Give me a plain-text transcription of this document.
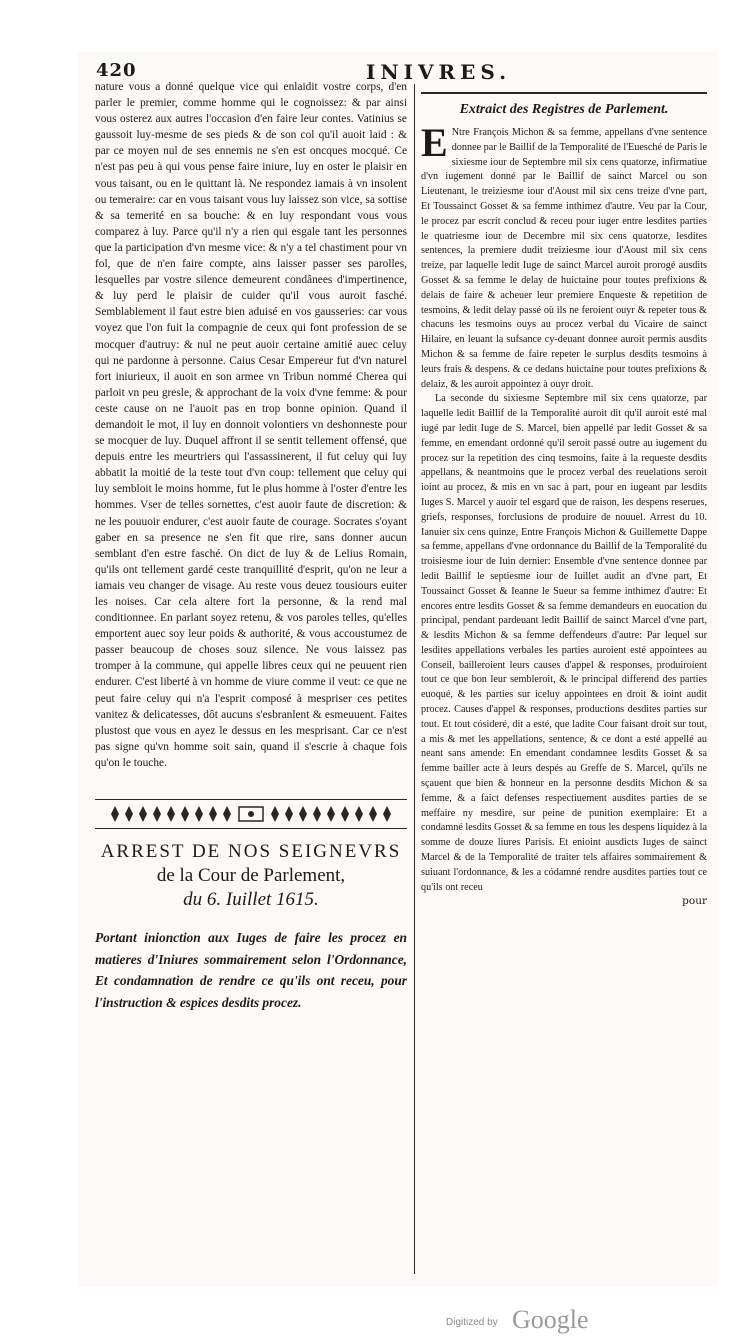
420	INIVRES.

nature vous a donné quelque vice qui enlaidit vostre corps, d'en parler le premier, comme homme qui le cognoissez: & par ainsi vous osterez aux autres l'occasion d'en faire leur contes. Vatinius se gaussoit luy-mesme de ses pieds & de son col qu'il auoit laid : & par ce moyen nul de ses ennemis ne s'en est oncques mocqué. Ce n'est pas peu à qui vous pense faire iniure, luy en oster le plaisir en vous taisant, ou en le quittant là. Ne respondez iamais à vn insolent ou temeraire: car en vous taisant vous luy laissez son vice, sa sottise & sa temerité en sa bouche: & en luy respondant vous vous comparez à luy. Parce qu'il n'y a rien qui esgale tant les personnes que la participation d'vn mesme vice: & n'y a tel chastiment pour vn fol, que de n'en faire compte, ains laisser passer ses parolles, lesquelles par vostre silence demeurent condânees d'impertinence, & luy perd le plaisir de cuider qu'il vous auroit fasché. Semblablement il faut estre bien aduisé en vos gausseries: car vous voyez que l'on fuit la compagnie de ceux qui font profession de se mocquer d'autruy: & nul ne peut auoir certaine amitié auec celuy qui ne pardonne à personne. Caius Cesar Empereur fut d'vn naturel fort iniurieux, il auoit en son armee vn Tribun nommé Cherea qui parloit vn peu gresle, & approchant de la voix d'vne femme: & pour ceste cause on ne l'auoit pas en trop bonne opinion. Quand il demandoit le mot, il luy en donnoit volontiers vn deshonneste pour se mocquer de luy. Duquel affront il se sentit tellement offensé, que depuis entre les meurtriers qui l'assassinerent, il fut celuy qui luy abbatit la moitié de la teste tout d'vn coup: tellement que celuy qui luy sembloit le moins homme, fut le plus homme à l'oster d'entre les hommes. Vser de telles sornettes, c'est auoir faute de discretion: & ne les pouuoir endurer, c'est auoir faute de courage. Socrates s'oyant gaber en sa presence ne s'en fit que rire, sans donner aucun semblant d'en estre fasché. On dict de luy & de Lelius Romain, qu'ils ont tellement gardé ceste tranquillité d'esprit, qu'on ne leur a iamais veu changer de visage. Au reste vous deuez tousiours euiter les noises. Car cela altere fort la personne, & la rend mal conditionnee. En parlant soyez retenu, & vos paroles telles, qu'elles emportent auec soy leur poids & authorité, & vous accoustumez de passer beaucoup de choses souz silence. Ne vous laissez pas tromper à la commune, qui appelle libres ceux qui ne peuuent rien endurer. C'est liberté à vn homme de viure comme il veut: ce que ne peut faire celuy qui n'a l'esprit composé à mespriser ces petites vanitez & delicatesses, dôt aucuns s'esbranlent & esmeuuent. Faites plustost que vous en ayez le dessus en les mesprisant. Car ce n'est pas signe qu'vn homme soit sain, quand il s'escrie à chaque fois qu'on le touche.

ARREST DE NOS SEIGNEVRS
de la Cour de Parlement,
du 6. Iuillet 1615.

Portant inionction aux Iuges de faire les procez en matieres d'Iniures sommairement selon l'Ordonnance, Et condamnation de rendre ce qu'ils ont receu, pour l'instruction & espices desdits procez.

Extraict des Registres de Parlement.

ENtre François Michon & sa femme, appellans d'vne sentence donnee par le Baillif de la Temporalité de l'Euesché de Paris le sixiesme iour de Septembre mil six cens quatorze, infirmatiue d'vn iugement donné par le Baillif de sainct Marcel ou son Lieutenant, le treiziesme iour d'Aoust mil six cens treize d'vne part, Et Toussainct Gosset & sa femme inthimez d'autre. Veu par la Cour, le procez par escrit conclud & receu pour iuger entre lesdites parties le quatriesme iour de Decembre mil six cens quatorze, lesdites sentences, la premiere dudit treiziesme iour d'Aoust mil six cens treize, par laquelle ledit Iuge de sainct Marcel auroit prorogé ausdits Gosset & sa femme le delay de huictaine pour toutes prefixions & delais de faire & acheuer leur premiere Enqueste & repetition de tesmoins, & ledit delay passé où ils ne feroient ouyr & repeter tous & chacuns les tesmoins ouys au procez verbal du Vicaire de sainct Hilaire, en leuant la sufsance cy-deuant donnee auroit permis ausdits Michon & sa femme de faire repeter le surplus desdits tesmoins à leurs frais & despens. & ce dedans huictaine pour toutes prefixions & delaiz, & les auroit appointez à ouyr droit.

La seconde du sixiesme Septembre mil six cens quatorze, par laquelle ledit Baillif de la Temporalité auroit dit qu'il auroit esté mal iugé par ledit Iuge de S. Marcel, bien appellé par ledit Gosset & sa femme, en emendant ordonné qu'il seroit passé outre au iugement du procez sur la repetition des cinq tesmoins, faite à la requeste desdits appellans, & neantmoins que le procez verbal des reuelations seroit ioint au procez, & mis en vn sac à part, pour en iugeant par lesdits Iuges S. Marcel y auoir tel esgard que de raison, les despens reserues, griefs, responses, forclusions de produire de nouuel. Arrest du 10. Ianuier six cens quinze, Entre François Michon & Guillemette Dappe sa femme, appellans d'vne ordonnance du Baillif de la Temporalité du troisiesme iour de Iuin dernier: Ensemble d'vne sentence donnee par ledit Baillif le septiesme iour de Iuillet audit an d'vne part, Et Toussainct Gosset & Ieanne le Sueur sa femme inthimez d'autre: Et encores entre lesdits Gosset & sa femme demandeurs en euocation du principal, pendant pardeuant ledit Baillif de sainct Marcel d'vne part, & lesdits Michon & sa femme deffendeurs d'autre: Par lequel sur lesdites appellations verbales les parties auroient esté appointees au Conseil, bailleroient leurs causes d'appel & responses, produiroient tout ce que bon leur sembleroit, & le principal differend des parties euoqué, & les parties sur iceluy appointees en droit & ioint audit procez. Causes d'appel & responses, productions desdites parties sur tout. Et tout cósideré, dit a esté, que ladite Cour faisant droit sur tout, a mis & met les appellations, sentence, & ce dont a esté appellé au neant sans amende: En emendant condamnee lesdits Gosset & sa femme bailler acte à leurs despés au Greffe de S. Marcel, qu'ils ne sçauent que bien & honneur en la personne desdits Michon & sa femme, & a faict defenses respectiuement ausdites parties de se meffaire ny mesdire, sur peine de punition exemplaire: Et a condamné lesdits Gosset & sa femme en tous les despens liquidez à la somme de douze liures Parisis. Et enioint ausdicts Iuges de sainct Marcel & de la Temporalité de traiter tels affaires sommairement & suiuant l'ordonnance, & les a códamné rendre ausdites parties tout ce qu'ils ont receu

pour
Digitized by Google
